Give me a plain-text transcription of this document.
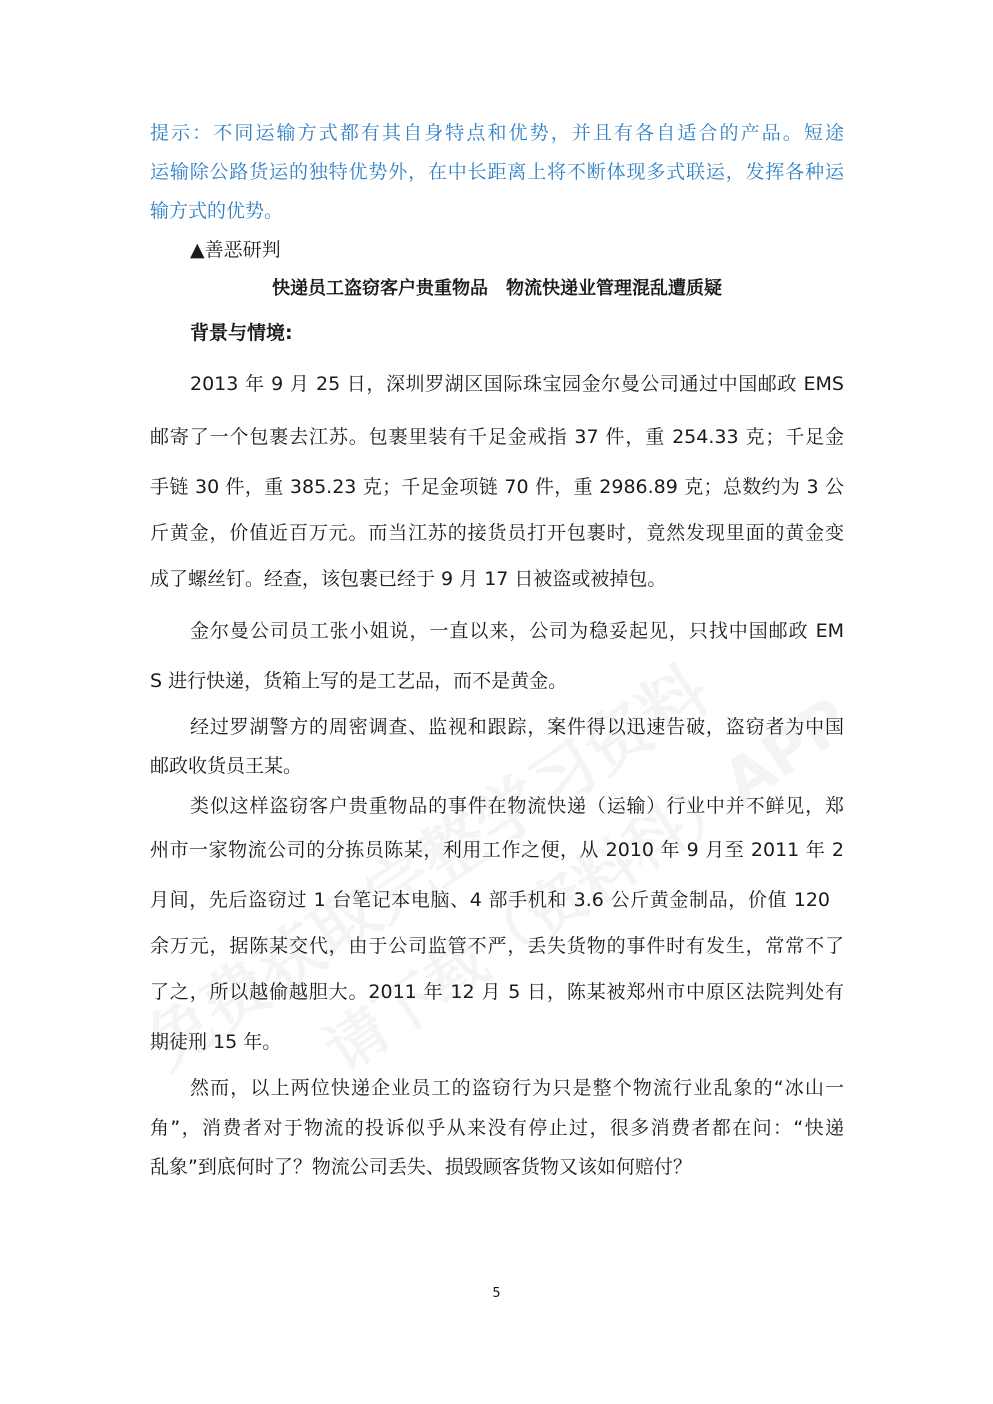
提示：不同运输方式都有其自身特点和优势，并且有各自适合的产品。短途
运输除公路货运的独特优势外，在中长距离上将不断体现多式联运，发挥各种运
输方式的优势。
▲善恶研判
快递员工盗窃客户贵重物品　物流快递业管理混乱遭质疑
背景与情境:
2013 年 9 月 25 日，深圳罗湖区国际珠宝园金尔曼公司通过中国邮政 EMS
邮寄了一个包裹去江苏。包裹里装有千足金戒指 37 件，重 254.33 克；千足金
手链 30 件，重 385.23 克；千足金项链 70 件，重 2986.89 克；总数约为 3 公
斤黄金，价值近百万元。而当江苏的接货员打开包裹时，竟然发现里面的黄金变
成了螺丝钉。经查，该包裹已经于 9 月 17 日被盗或被掉包。
金尔曼公司员工张小姐说，一直以来，公司为稳妥起见，只找中国邮政 EM
S 进行快递，货箱上写的是工艺品，而不是黄金。
经过罗湖警方的周密调查、监视和跟踪，案件得以迅速告破，盗窃者为中国
邮政收货员王某。
类似这样盗窃客户贵重物品的事件在物流快递（运输）行业中并不鲜见，郑
州市一家物流公司的分拣员陈某，利用工作之便，从 2010 年 9 月至 2011 年 2
月间，先后盗窃过 1 台笔记本电脑、4 部手机和 3.6 公斤黄金制品，价值 120
余万元，据陈某交代，由于公司监管不严，丢失货物的事件时有发生，常常不了
了之，所以越偷越胆大。2011 年 12 月 5 日，陈某被郑州市中原区法院判处有
期徒刑 15 年。
然而，以上两位快递企业员工的盗窃行为只是整个物流行业乱象的“冰山一
角”，消费者对于物流的投诉似乎从来没有停止过，很多消费者都在问：“快递
乱象”到底何时了？物流公司丢失、损毁顾客货物又该如何赔付？
5
